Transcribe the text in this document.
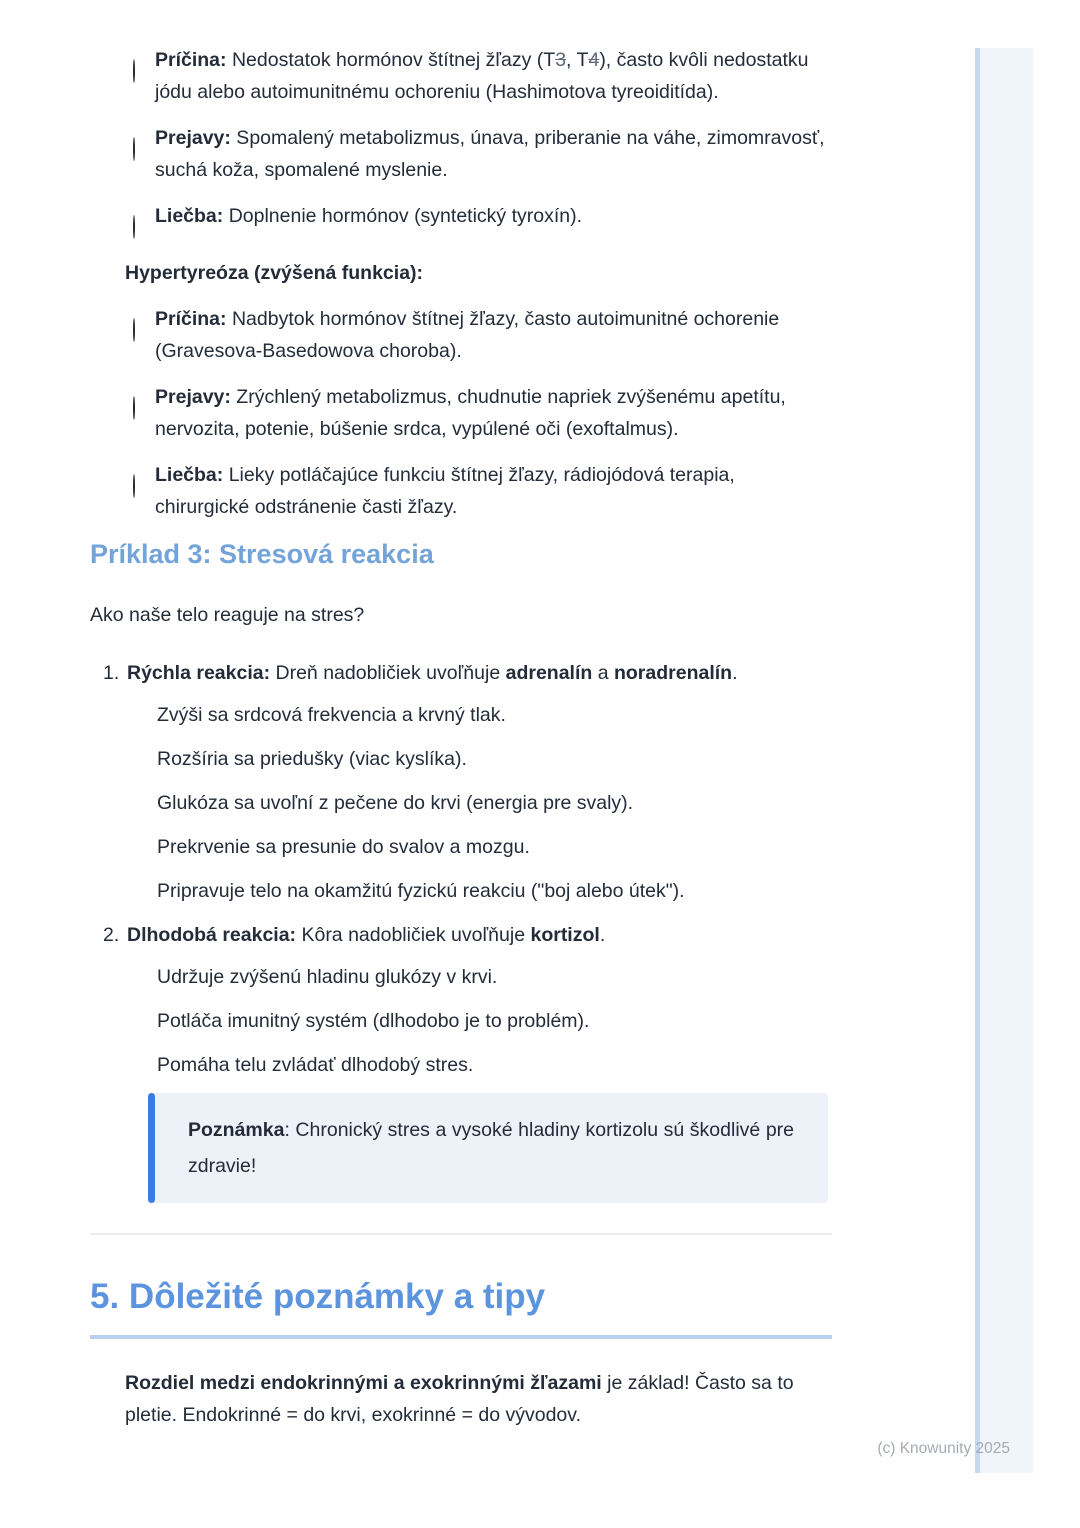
Príčina: Nedostatok hormónov štítnej žľazy (T3, T4), často kvôli nedostatku jódu alebo autoimunitnému ochoreniu (Hashimotova tyreoiditída).
Prejavy: Spomalený metabolizmus, únava, priberanie na váhe, zimomravosť, suchá koža, spomalené myslenie.
Liečba: Doplnenie hormónov (syntetický tyroxín).
Hypertyreóza (zvýšená funkcia):
Príčina: Nadbytok hormónov štítnej žľazy, často autoimunitné ochorenie (Gravesova-Basedowova choroba).
Prejavy: Zrýchlený metabolizmus, chudnutie napriek zvýšenému apetítu, nervozita, potenie, búšenie srdca, vypúlené oči (exoftalmus).
Liečba: Lieky potláčajúce funkciu štítnej žľazy, rádiojódová terapia, chirurgické odstránenie časti žľazy.
Príklad 3: Stresová reakcia

Ako naše telo reaguje na stres?

1. Rýchla reakcia: Dreň nadobličiek uvoľňuje adrenalín a noradrenalín.
Zvýši sa srdcová frekvencia a krvný tlak.
Rozšíria sa priedušky (viac kyslíka).
Glukóza sa uvoľní z pečene do krvi (energia pre svaly).
Prekrvenie sa presunie do svalov a mozgu.
Pripravuje telo na okamžitú fyzickú reakciu ("boj alebo útek").
2. Dlhodobá reakcia: Kôra nadobličiek uvoľňuje kortizol.
Udržuje zvýšenú hladinu glukózy v krvi.
Potláča imunitný systém (dlhodobo je to problém).
Pomáha telu zvládať dlhodobý stres.
Poznámka: Chronický stres a vysoké hladiny kortizolu sú škodlivé pre zdravie!
5. Dôležité poznámky a tipy
Rozdiel medzi endokrinnými a exokrinnými žľazami je základ! Často sa to pletie. Endokrinné = do krvi, exokrinné = do vývodov.
(c) Knowunity 2025
